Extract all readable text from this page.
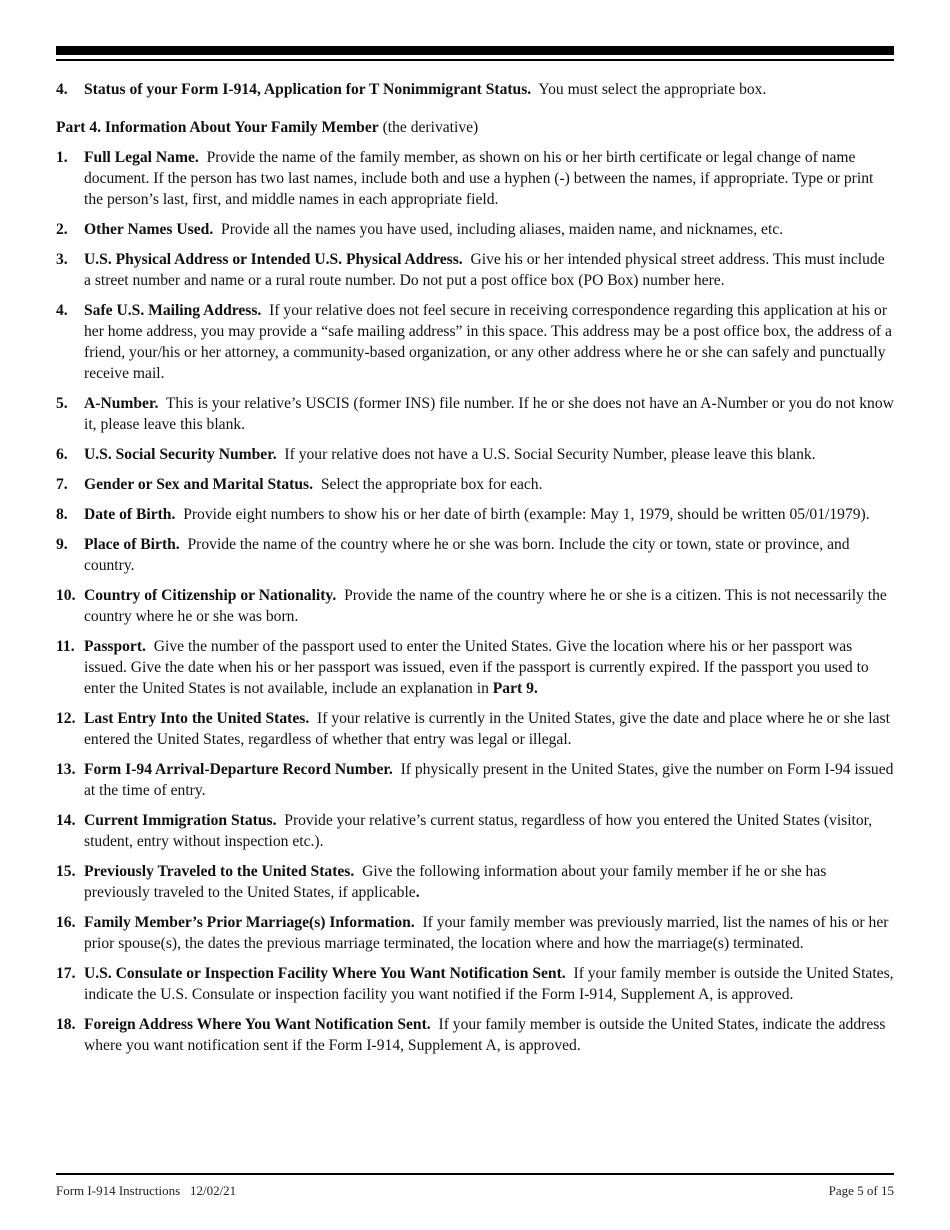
4.	Status of your Form I-914, Application for T Nonimmigrant Status. You must select the appropriate box.
Part 4. Information About Your Family Member (the derivative)
1.	Full Legal Name. Provide the name of the family member, as shown on his or her birth certificate or legal change of name document. If the person has two last names, include both and use a hyphen (-) between the names, if appropriate. Type or print the person’s last, first, and middle names in each appropriate field.
2.	Other Names Used. Provide all the names you have used, including aliases, maiden name, and nicknames, etc.
3.	U.S. Physical Address or Intended U.S. Physical Address. Give his or her intended physical street address. This must include a street number and name or a rural route number. Do not put a post office box (PO Box) number here.
4.	Safe U.S. Mailing Address. If your relative does not feel secure in receiving correspondence regarding this application at his or her home address, you may provide a “safe mailing address” in this space. This address may be a post office box, the address of a friend, your/his or her attorney, a community-based organization, or any other address where he or she can safely and punctually receive mail.
5.	A-Number. This is your relative’s USCIS (former INS) file number. If he or she does not have an A-Number or you do not know it, please leave this blank.
6.	U.S. Social Security Number. If your relative does not have a U.S. Social Security Number, please leave this blank.
7.	Gender or Sex and Marital Status. Select the appropriate box for each.
8.	Date of Birth. Provide eight numbers to show his or her date of birth (example: May 1, 1979, should be written 05/01/1979).
9.	Place of Birth. Provide the name of the country where he or she was born. Include the city or town, state or province, and country.
10. Country of Citizenship or Nationality. Provide the name of the country where he or she is a citizen. This is not necessarily the country where he or she was born.
11. Passport. Give the number of the passport used to enter the United States. Give the location where his or her passport was issued. Give the date when his or her passport was issued, even if the passport is currently expired. If the passport you used to enter the United States is not available, include an explanation in Part 9.
12. Last Entry Into the United States. If your relative is currently in the United States, give the date and place where he or she last entered the United States, regardless of whether that entry was legal or illegal.
13. Form I-94 Arrival-Departure Record Number. If physically present in the United States, give the number on Form I-94 issued at the time of entry.
14. Current Immigration Status. Provide your relative’s current status, regardless of how you entered the United States (visitor, student, entry without inspection etc.).
15. Previously Traveled to the United States. Give the following information about your family member if he or she has previously traveled to the United States, if applicable.
16. Family Member’s Prior Marriage(s) Information. If your family member was previously married, list the names of his or her prior spouse(s), the dates the previous marriage terminated, the location where and how the marriage(s) terminated.
17. U.S. Consulate or Inspection Facility Where You Want Notification Sent. If your family member is outside the United States, indicate the U.S. Consulate or inspection facility you want notified if the Form I-914, Supplement A, is approved.
18. Foreign Address Where You Want Notification Sent. If your family member is outside the United States, indicate the address where you want notification sent if the Form I-914, Supplement A, is approved.
Form I-914 Instructions   12/02/21	Page 5 of 15
